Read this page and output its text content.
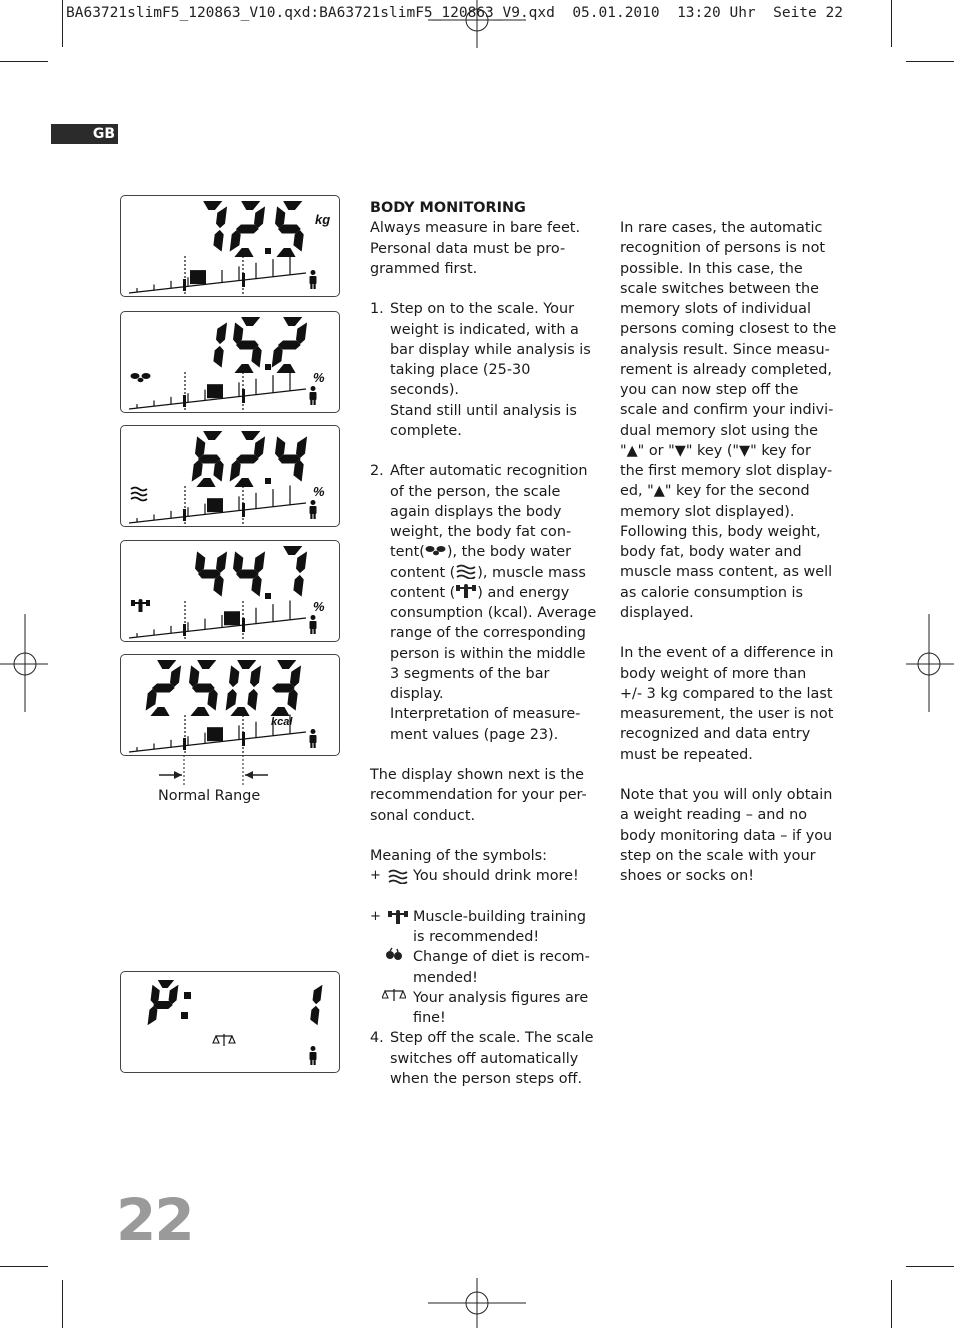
BA63721slimF5_120863_V10.qxd:BA63721slimF5_120863_V9.qxd  05.01.2010  13:20 Uhr  Seite 22
GB
kg
%
%
%
kcal
Normal Range

BODY MONITORING

Always measure in bare feet.

Personal data must be pro-

grammed first.

1. Step on to the scale. Your

weight is indicated, with a

bar display while analysis is

taking place (25-30

seconds).

Stand still until analysis is

complete.

2. After automatic recognition

of the person, the scale

again displays the body

weight, the body fat con-

tent( ), the body water

content ( ), muscle mass

content ( ) and energy

consumption (kcal). Average

range of the corresponding

person is within the middle

3 segments of the bar

display.

Interpretation of measure-

ment values (page 23).

The display shown next is the

recommendation for your per-

sonal conduct.

Meaning of the symbols:

+	You should drink more!

+	Muscle-building training

is recommended!

Change of diet is recom-

mended!

Your analysis figures are

fine!

4. Step off the scale. The scale

switches off automatically

when the person steps off.

In rare cases, the automatic

recognition of persons is not

possible. In this case, the

scale switches between the

memory slots of individual

persons coming closest to the

analysis result. Since measu-

rement is already completed,

you can now step off the

scale and confirm your indivi-

dual memory slot using the

"▲" or "▼" key ("▼" key for

the first memory slot display-

ed, "▲" key for the second

memory slot displayed).

Following this, body weight,

body fat, body water and

muscle mass content, as well

as calorie consumption is

displayed.

In the event of a difference in

body weight of more than

+/- 3 kg compared to the last

measurement, the user is not

recognized and data entry

must be repeated.

Note that you will only obtain

a weight reading – and no

body monitoring data – if you

step on the scale with your

shoes or socks on!

22
